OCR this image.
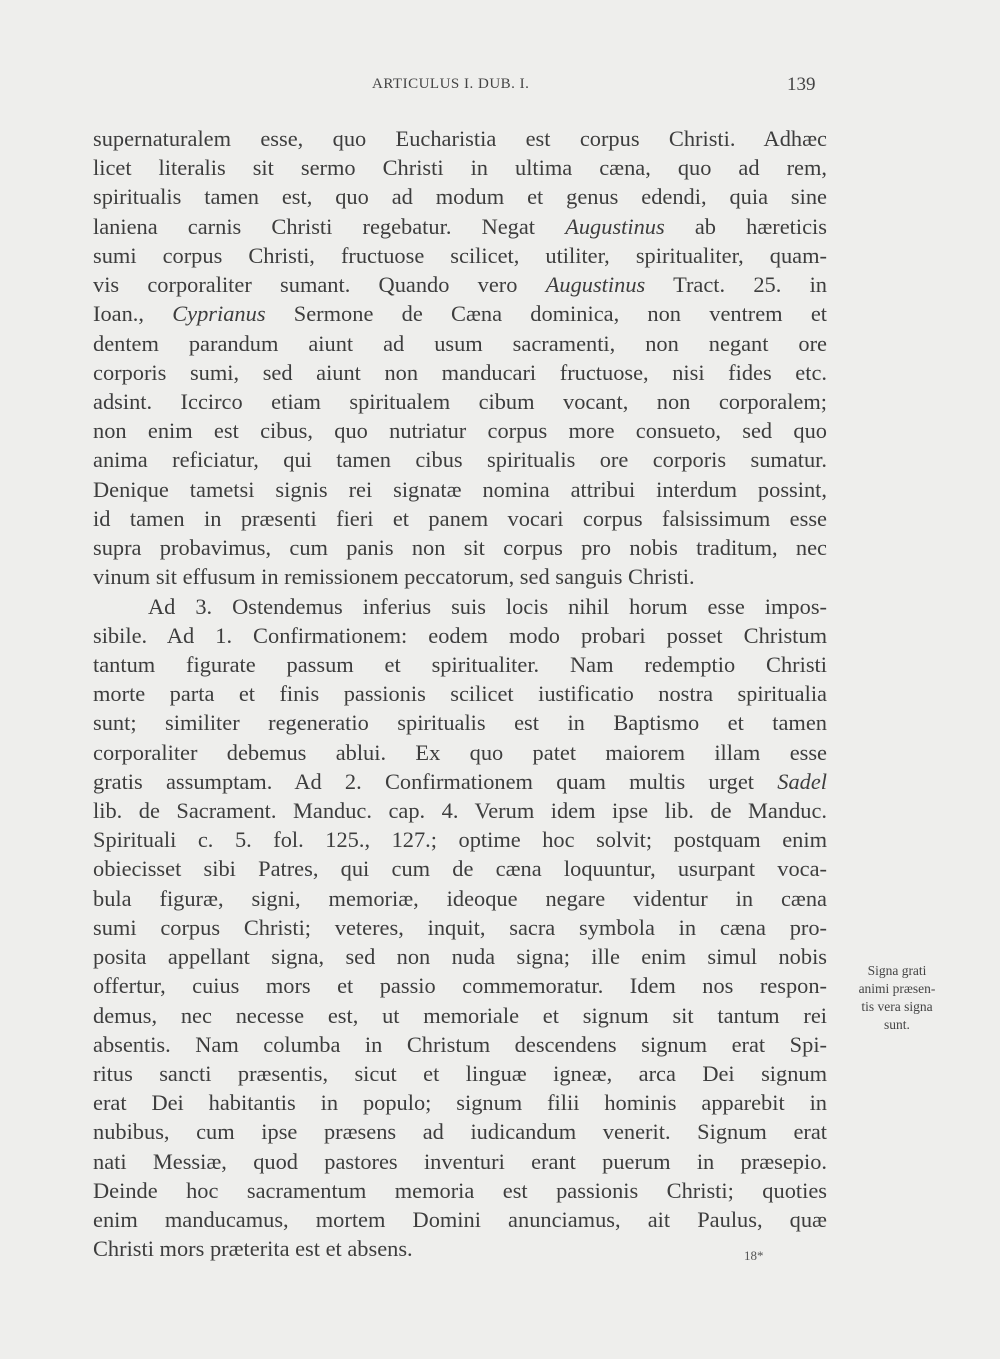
ARTICULUS I. DUB. I.	139
supernaturalem esse, quo Eucharistia est corpus Christi. Adhæc
licet literalis sit sermo Christi in ultima cæna, quo ad rem,
spiritualis tamen est, quo ad modum et genus edendi, quia sine
laniena carnis Christi regebatur. Negat Augustinus ab hæreticis
sumi corpus Christi, fructuose scilicet, utiliter, spiritualiter, quam-
vis corporaliter sumant. Quando vero Augustinus Tract. 25. in
Ioan., Cyprianus Sermone de Cæna dominica, non ventrem et
dentem parandum aiunt ad usum sacramenti, non negant ore
corporis sumi, sed aiunt non manducari fructuose, nisi fides etc.
adsint. Iccirco etiam spiritualem cibum vocant, non corporalem;
non enim est cibus, quo nutriatur corpus more consueto, sed quo
anima reficiatur, qui tamen cibus spiritualis ore corporis sumatur.
Denique tametsi signis rei signatæ nomina attribui interdum possint,
id tamen in præsenti fieri et panem vocari corpus falsissimum esse
supra probavimus, cum panis non sit corpus pro nobis traditum, nec
vinum sit effusum in remissionem peccatorum, sed sanguis Christi.
Ad 3. Ostendemus inferius suis locis nihil horum esse impos-
sibile. Ad 1. Confirmationem: eodem modo probari posset Christum
tantum figurate passum et spiritualiter. Nam redemptio Christi
morte parta et finis passionis scilicet iustificatio nostra spiritualia
sunt; similiter regeneratio spiritualis est in Baptismo et tamen
corporaliter debemus ablui. Ex quo patet maiorem illam esse
gratis assumptam. Ad 2. Confirmationem quam multis urget Sadel
lib. de Sacrament. Manduc. cap. 4. Verum idem ipse lib. de Manduc.
Spirituali c. 5. fol. 125., 127.; optime hoc solvit; postquam enim
obiecisset sibi Patres, qui cum de cæna loquuntur, usurpant voca-
bula figuræ, signi, memoriæ, ideoque negare videntur in cæna
sumi corpus Christi; veteres, inquit, sacra symbola in cæna pro-
posita appellant signa, sed non nuda signa; ille enim simul nobis
offertur, cuius mors et passio commemoratur. Idem nos respon-
demus, nec necesse est, ut memoriale et signum sit tantum rei
absentis. Nam columba in Christum descendens signum erat Spi-
ritus sancti præsentis, sicut et linguæ igneæ, arca Dei signum
erat Dei habitantis in populo; signum filii hominis apparebit in
nubibus, cum ipse præsens ad iudicandum venerit. Signum erat
nati Messiæ, quod pastores inventuri erant puerum in præsepio.
Deinde hoc sacramentum memoria est passionis Christi; quoties
enim manducamus, mortem Domini anunciamus, ait Paulus, quæ
Christi mors præterita est et absens.
Signa grati
animi præsen-
tis vera signa
sunt.
18*
